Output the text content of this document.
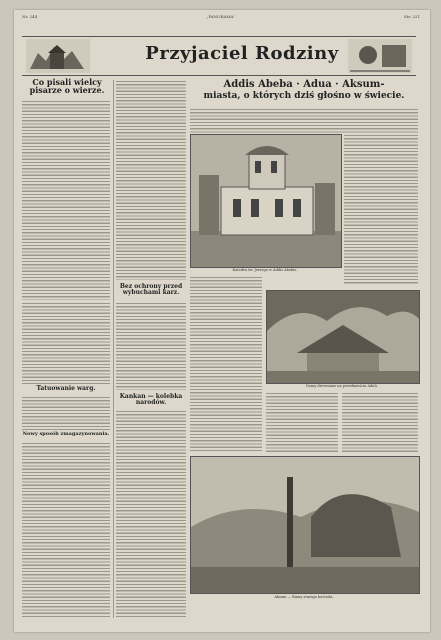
Nr. 244	„PANORAMA”	Str. 221
Przyjaciel Rodziny
Co pisali wielcy pisarze o wierze.
Tatuowanie warg.
Nowy sposób zmagazynowania.
Bez ochrony przed wybuchami karz.
Kankan — kolebka narodów.
Addis Abeba · Adua · Aksum-
miasta, o których dziś głośno w świecie.
Katedra św. Jerzego w Addis Abebie.
Domy drewniane na przedmieściu Aduli.
Aksum — Ruiny starego kościoła.
